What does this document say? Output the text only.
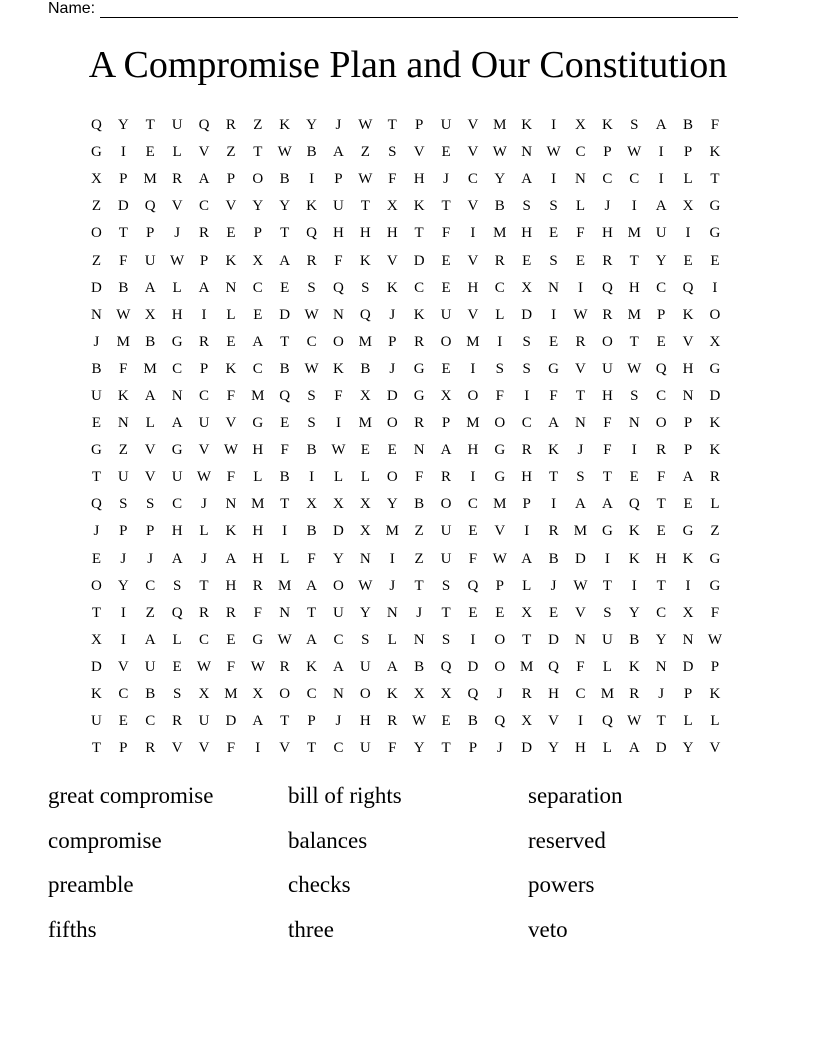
Name:
A Compromise Plan and Our Constitution
Q	Y	T	U	Q	R	Z	K	Y	J	W	T	P	U	V M K	I	X	K	S	A	B	F
G	I	E	L	V	Z	T	W B	A	Z	S	V	E	V W N W C	P	W	I	P	K
X	P	M	R	A	P	O	B	I	P	W	F	H	J	C	Y	A	I	N	C	C	I	L	T
Z	D	Q	V	C	V	Y	Y	K	U	T	X	K	T	V	B	S	S	L	J	I	A	X	G
O	T	P	J	R	E	P	T	Q	H	H	H	T	F	I	M H	E	F	H M U	I	G
Z	F	U W	P	K	X	A	R	F	K	V	D	E	V	R	E	S	E	R	T	Y	E	E
D	B	A	L	A	N	C	E	S	Q	S	K	C	E	H	C	X	N	I	Q	H	C	Q	I
N W X	H	I	L	E	D W N	Q	J	K	U	V	L	D	I	W R	M	P	K	O
J	M	B	G	R	E	A	T	C	O M	P	R	O M	I	S	E	R	O	T	E	V	X
B	F	M	C	P	K	C	B W K	B	J	G	E	I	S	S	G	V	U W Q	H	G
U	K	A	N	C	F	M Q	S	F	X	D	G	X	O	F	I	F	T	H	S	C	N	D
E	N	L	A	U	V	G	E	S	I	M O	R	P	M O	C	A	N	F	N	O	P	K
G	Z	V	G	V W H	F	B W	E	E	N	A	H	G	R	K	J	F	I	R	P	K
T	U	V	U W	F	L	B	I	L	L	O	F	R	I	G	H	T	S	T	E	F	A	R
Q	S	S	C	J	N M	T	X	X	X	Y	B	O	C	M	P	I	A	A	Q	T	E	L
J	P	P	H	L	K	H	I	B	D	X M	Z	U	E	V	I	R	M G	K	E	G	Z
E	J	J	A	J	A	H	L	F	Y	N	I	Z	U	F	W A	B	D	I	K	H	K	G
O	Y	C	S	T	H	R	M A	O W	J	T	S	Q	P	L	J	W	T	I	T	I	G
T	I	Z	Q	R	R	F	N	T	U	Y	N	J	T	E	E	X	E	V	S	Y	C	X	F
X	I	A	L	C	E	G W A	C	S	L	N	S	I	O	T	D	N	U	B	Y	N W
D	V	U	E	W	F	W R	K	A	U	A	B	Q	D	O M Q	F	L	K	N	D	P
K	C	B	S	X M X	O	C	N	O	K	X	X	Q	J	R	H	C	M	R	J	P	K
U	E	C	R	U	D	A	T	P	J	H	R W	E	B	Q	X	V	I	Q W	T	L	L
T	P	R	V	V	F	I	V	T	C	U	F	Y	T	P	J	D	Y	H	L	A	D	Y	V
great compromise	bill of rights	separation
compromise	balances	reserved
preamble	checks	powers
fifths	three	veto
